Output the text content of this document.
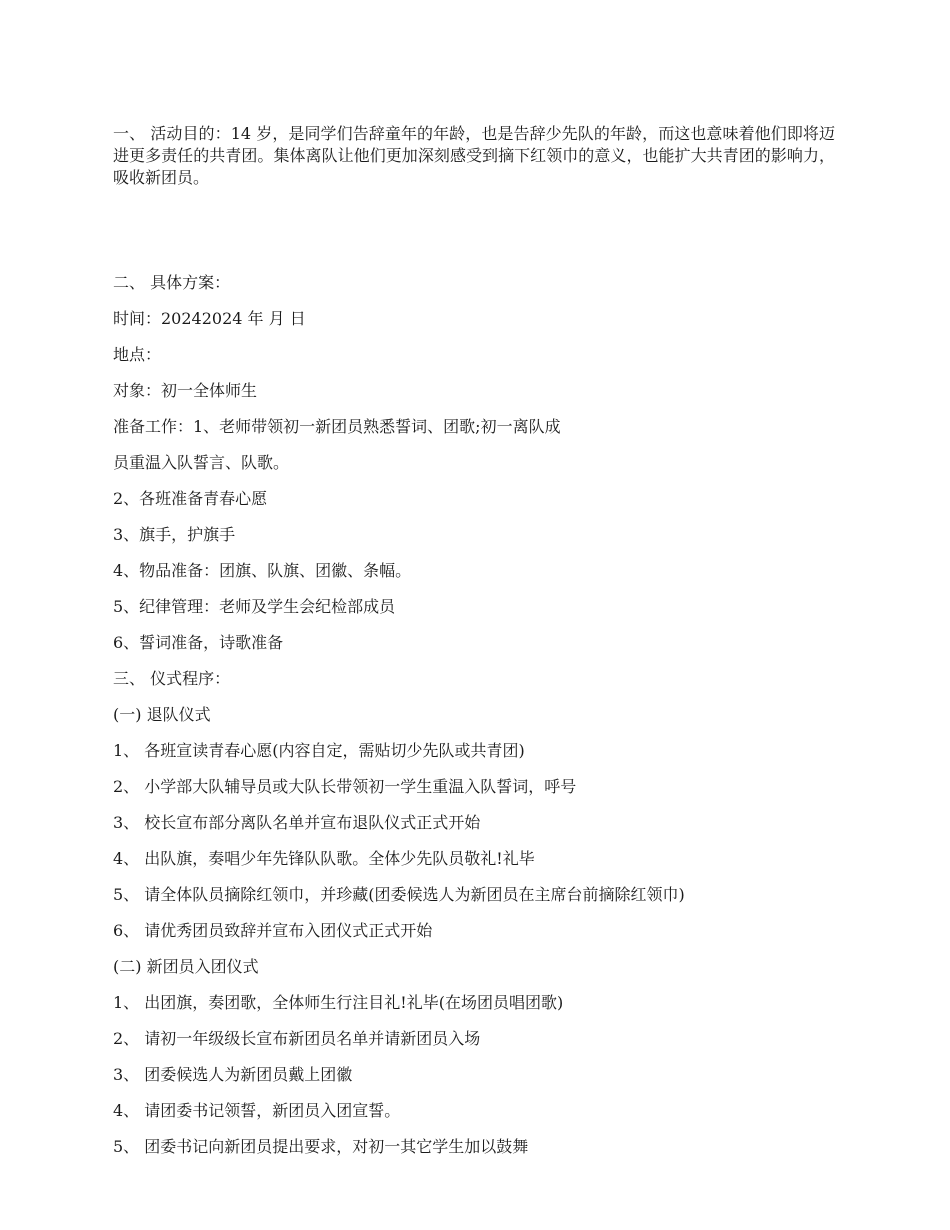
一、 活动目的：14 岁，是同学们告辞童年的年龄，也是告辞少先队的年龄，而这也意味着他们即将迈进更多责任的共青团。集体离队让他们更加深刻感受到摘下红领巾的意义，也能扩大共青团的影响力，吸收新团员。

二、 具体方案：

时间：20242024 年 月 日

地点：

对象：初一全体师生

准备工作：1、老师带领初一新团员熟悉誓词、团歌;初一离队成

员重温入队誓言、队歌。

2、各班准备青春心愿

3、旗手，护旗手

4、物品准备：团旗、队旗、团徽、条幅。

5、纪律管理：老师及学生会纪检部成员

6、誓词准备，诗歌准备

三、 仪式程序：

(一) 退队仪式

1、 各班宣读青春心愿(内容自定，需贴切少先队或共青团)

2、 小学部大队辅导员或大队长带领初一学生重温入队誓词，呼号

3、 校长宣布部分离队名单并宣布退队仪式正式开始

4、 出队旗，奏唱少年先锋队队歌。全体少先队员敬礼!礼毕

5、 请全体队员摘除红领巾，并珍藏(团委候选人为新团员在主席台前摘除红领巾)

6、 请优秀团员致辞并宣布入团仪式正式开始

(二) 新团员入团仪式

1、 出团旗，奏团歌，全体师生行注目礼!礼毕(在场团员唱团歌)

2、 请初一年级级长宣布新团员名单并请新团员入场

3、 团委候选人为新团员戴上团徽

4、 请团委书记领誓，新团员入团宣誓。

5、 团委书记向新团员提出要求，对初一其它学生加以鼓舞
